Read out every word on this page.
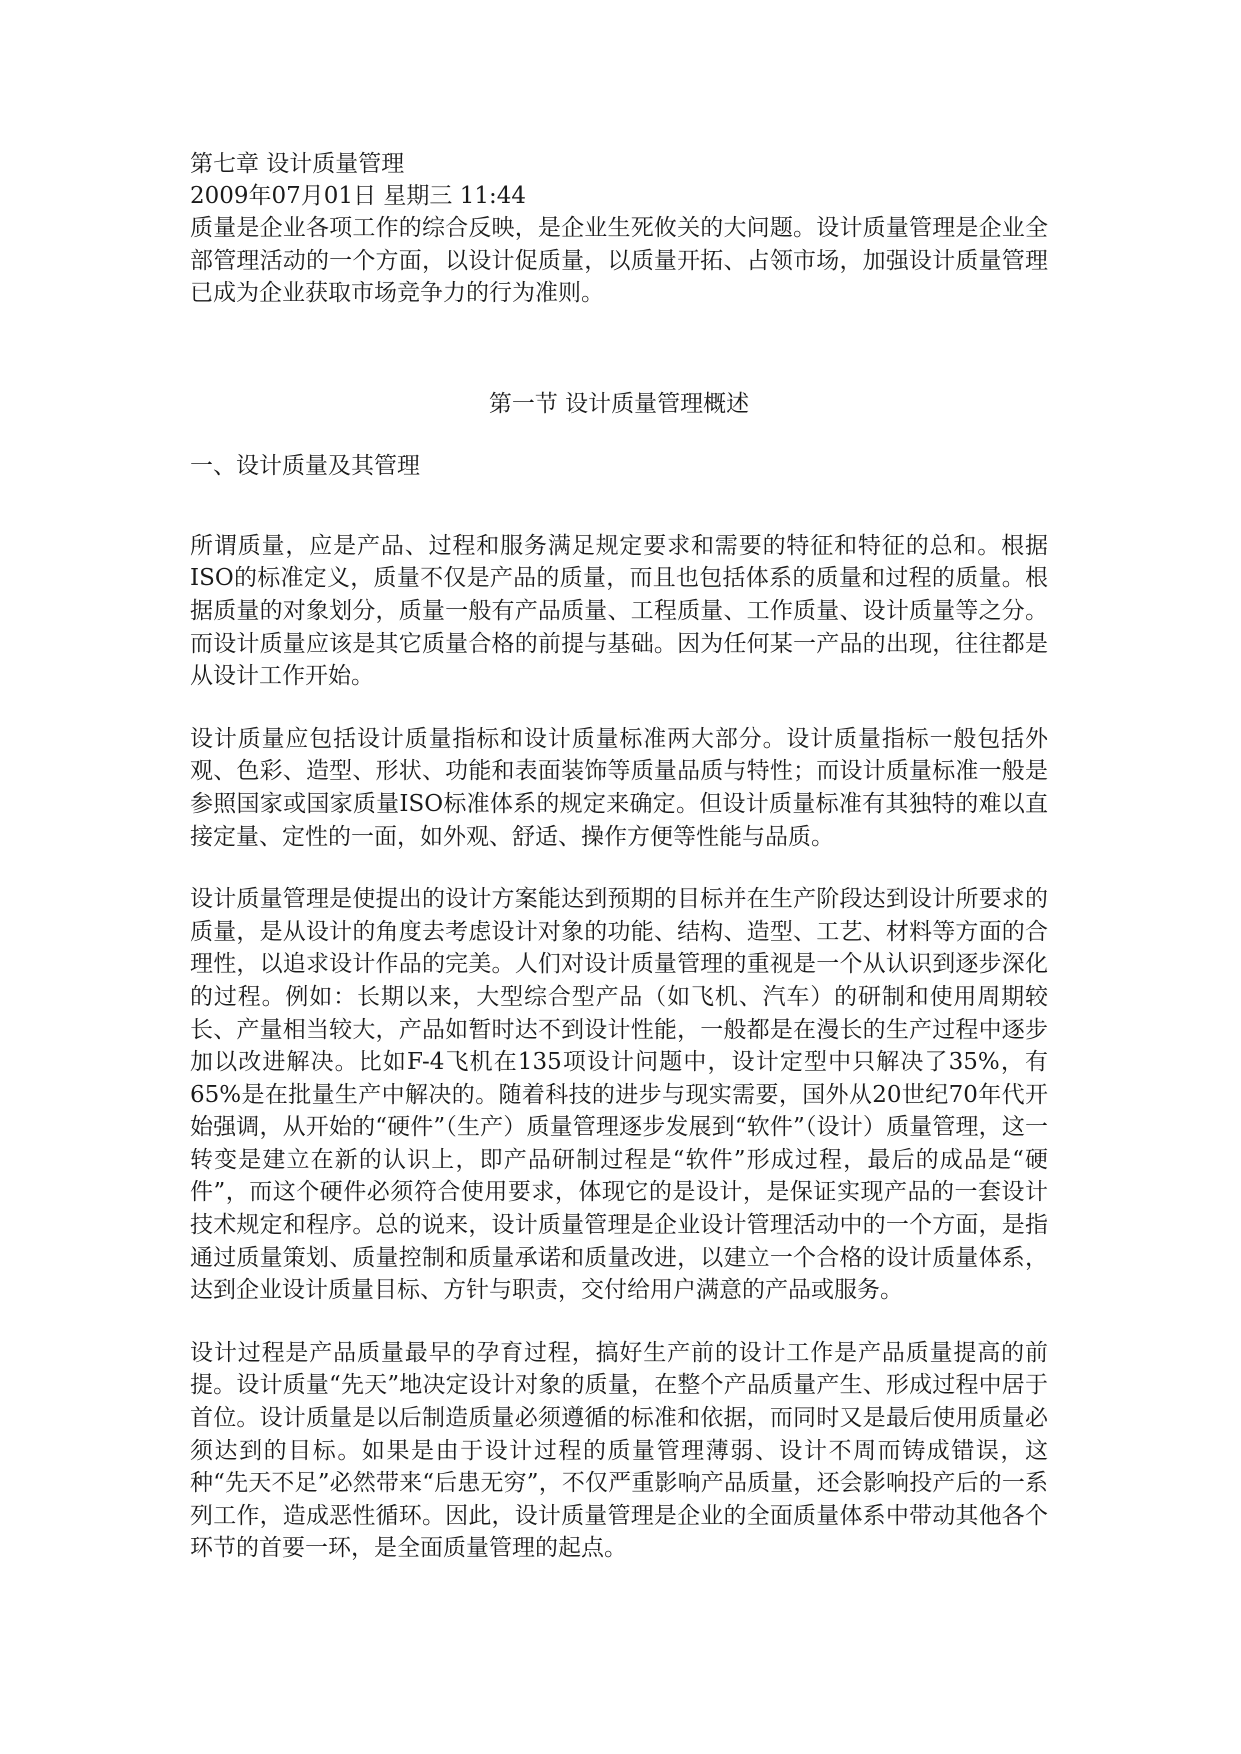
第七章 设计质量管理

2009年07月01日 星期三 11:44

质量是企业各项工作的综合反映，是企业生死攸关的大问题。设计质量管理是企业全部管理活动的一个方面，以设计促质量，以质量开拓、占领市场，加强设计质量管理已成为企业获取市场竞争力的行为准则。

第一节 设计质量管理概述

一、设计质量及其管理

所谓质量，应是产品、过程和服务满足规定要求和需要的特征和特征的总和。根据ISO的标准定义，质量不仅是产品的质量，而且也包括体系的质量和过程的质量。根据质量的对象划分，质量一般有产品质量、工程质量、工作质量、设计质量等之分。而设计质量应该是其它质量合格的前提与基础。因为任何某一产品的出现，往往都是从设计工作开始。

设计质量应包括设计质量指标和设计质量标准两大部分。设计质量指标一般包括外观、色彩、造型、形状、功能和表面装饰等质量品质与特性；而设计质量标准一般是参照国家或国家质量ISO标准体系的规定来确定。但设计质量标准有其独特的难以直接定量、定性的一面，如外观、舒适、操作方便等性能与品质。

设计质量管理是使提出的设计方案能达到预期的目标并在生产阶段达到设计所要求的质量，是从设计的角度去考虑设计对象的功能、结构、造型、工艺、材料等方面的合理性，以追求设计作品的完美。人们对设计质量管理的重视是一个从认识到逐步深化的过程。例如：长期以来，大型综合型产品（如飞机、汽车）的研制和使用周期较长、产量相当较大，产品如暂时达不到设计性能，一般都是在漫长的生产过程中逐步加以改进解决。比如F-4飞机在135项设计问题中，设计定型中只解决了35%，有65%是在批量生产中解决的。随着科技的进步与现实需要，国外从20世纪70年代开始强调，从开始的“硬件”（生产）质量管理逐步发展到“软件”（设计）质量管理，这一转变是建立在新的认识上，即产品研制过程是“软件”形成过程，最后的成品是“硬件”，而这个硬件必须符合使用要求，体现它的是设计，是保证实现产品的一套设计技术规定和程序。总的说来，设计质量管理是企业设计管理活动中的一个方面，是指通过质量策划、质量控制和质量承诺和质量改进，以建立一个合格的设计质量体系，达到企业设计质量目标、方针与职责，交付给用户满意的产品或服务。

设计过程是产品质量最早的孕育过程，搞好生产前的设计工作是产品质量提高的前提。设计质量“先天”地决定设计对象的质量，在整个产品质量产生、形成过程中居于首位。设计质量是以后制造质量必须遵循的标准和依据，而同时又是最后使用质量必须达到的目标。如果是由于设计过程的质量管理薄弱、设计不周而铸成错误，这种“先天不足”必然带来“后患无穷”，不仅严重影响产品质量，还会影响投产后的一系列工作，造成恶性循环。因此，设计质量管理是企业的全面质量体系中带动其他各个环节的首要一环，是全面质量管理的起点。
